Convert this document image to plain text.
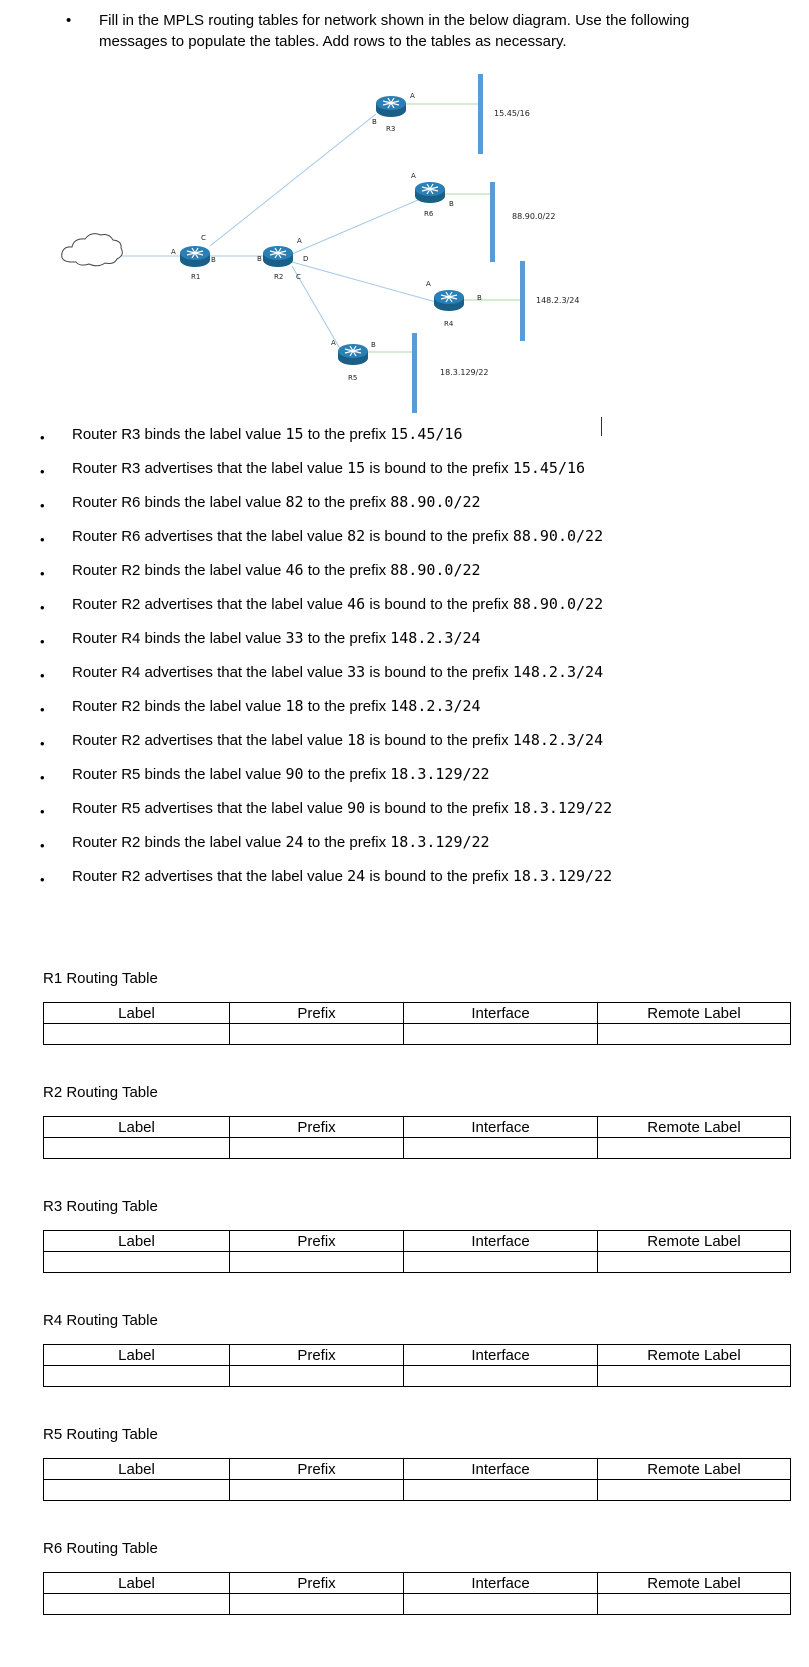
• Fill in the MPLS routing tables for network shown in the below diagram. Use the following messages to populate the tables. Add rows to the tables as necessary.
15.45/16
88.90.0/22
148.2.3/24
18.3.129/22
R1	R2
R3
R4
R5
R6
A
B
C	A
B
C
D
A
B
A
B
A	B
A
B
• Router R3 binds the label value 15 to the prefix 15.45/16
• Router R3 advertises that the label value 15 is bound to the prefix 15.45/16
• Router R6 binds the label value 82 to the prefix 88.90.0/22
• Router R6 advertises that the label value 82 is bound to the prefix 88.90.0/22
• Router R2 binds the label value 46 to the prefix 88.90.0/22
• Router R2 advertises that the label value 46 is bound to the prefix 88.90.0/22
• Router R4 binds the label value 33 to the prefix 148.2.3/24
• Router R4 advertises that the label value 33 is bound to the prefix 148.2.3/24
• Router R2 binds the label value 18 to the prefix 148.2.3/24
• Router R2 advertises that the label value 18 is bound to the prefix 148.2.3/24
• Router R5 binds the label value 90 to the prefix 18.3.129/22
• Router R5 advertises that the label value 90 is bound to the prefix 18.3.129/22
• Router R2 binds the label value 24 to the prefix 18.3.129/22
• Router R2 advertises that the label value 24 is bound to the prefix 18.3.129/22
R1 Routing Table
Label	Prefix	Interface	Remote Label

R2 Routing Table
Label	Prefix	Interface	Remote Label

R3 Routing Table
Label	Prefix	Interface	Remote Label

R4 Routing Table
Label	Prefix	Interface	Remote Label

R5 Routing Table
Label	Prefix	Interface	Remote Label

R6 Routing Table
Label	Prefix	Interface	Remote Label
